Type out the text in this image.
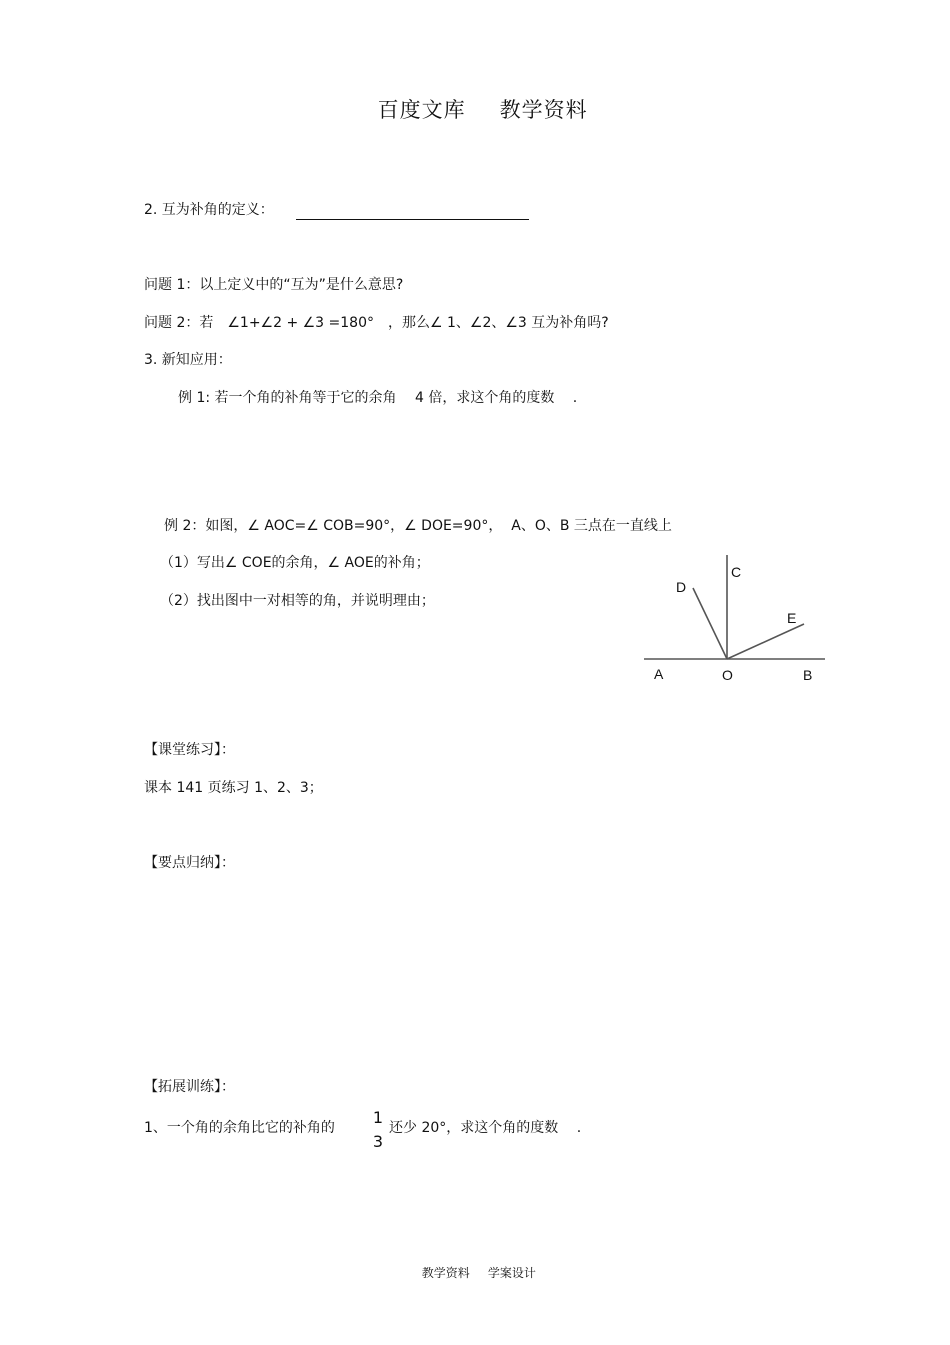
百度文库 教学资料

2. 互为补角的定义：
问题 1：以上定义中的“互为”是什么意思?
问题 2：若　∠1+∠2 + ∠3 =180°　，那么∠ 1、∠2、∠3 互为补角吗?
3. 新知应用：
例 1: 若一个角的补角等于它的余角　 4 倍，求这个角的度数　 .
例 2：如图，∠ AOC=∠ COB=90°，∠ DOE=90°，  A、O、B 三点在一直线上
（1）写出∠ COE的余角，∠ AOE的补角；
（2）找出图中一对相等的角，并说明理由；
A	O	B
C
D
E
【课堂练习】：
课本 141 页练习 1、2、3；
【要点归纳】：
【拓展训练】：
1、一个角的余角比它的补角的
1
3
还少 20°，求这个角的度数　 .

教学资料 学案设计
